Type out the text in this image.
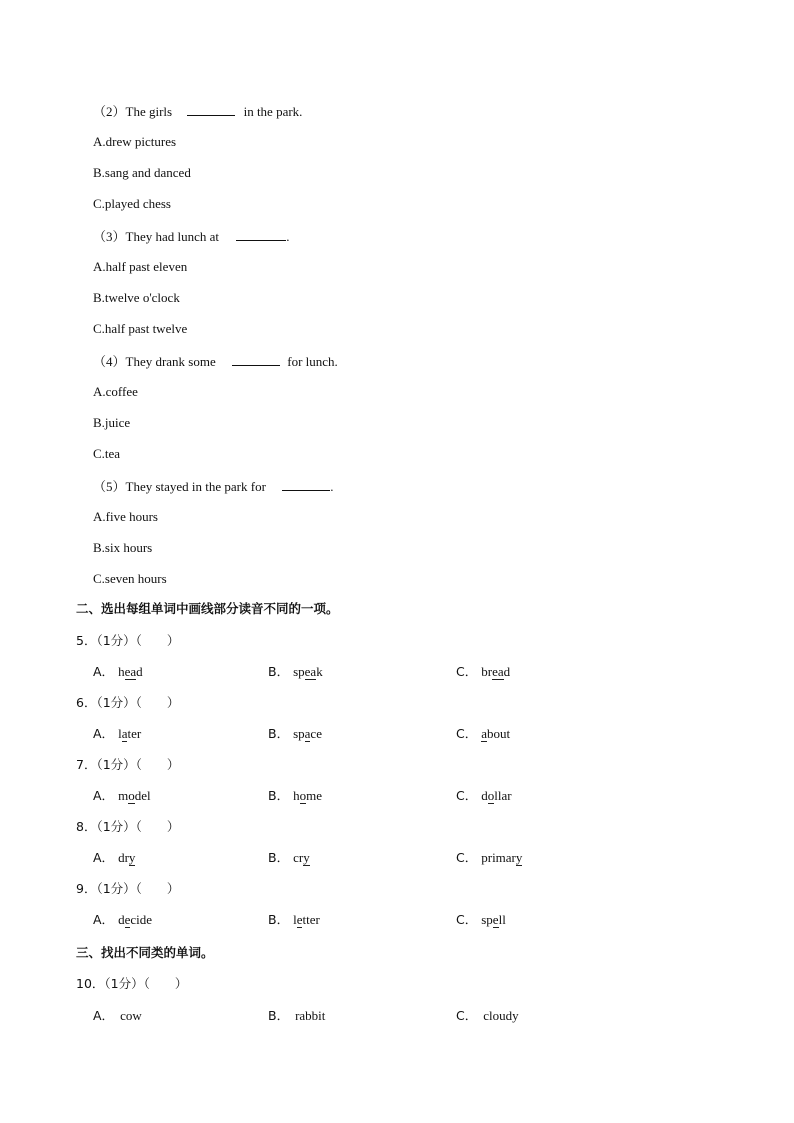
（2）The girls	in the park.
A.drew pictures
B.sang and danced
C.played chess
（3）They had lunch at	.
A.half past eleven
B.twelve o'clock
C.half past twelve
（4）They drank some	for lunch.
A.coffee
B.juice
C.tea
（5）They stayed in the park for	.
A.five hours
B.six hours
C.seven hours
二、选出每组单词中画线部分读音不同的一项。
5．（1分）（　　）
A． head	B． speak	C． bread
6．（1分）（　　）
A． later	B． space	C． about
7．（1分）（　　）
A． model	B． home	C． dollar
8．（1分）（　　）
A． dry	B． cry	C． primary
9．（1分）（　　）
A． decide	B． letter	C． spell
三、找出不同类的单词。
10．（1分）（　　）
A． cow	B． rabbit	C． cloudy
